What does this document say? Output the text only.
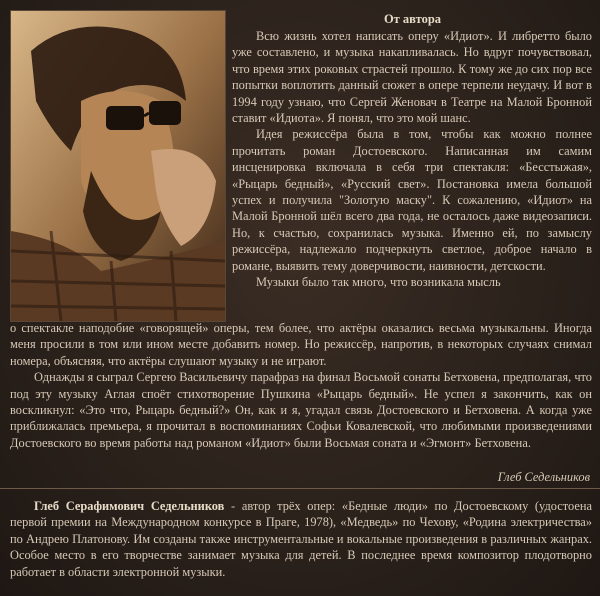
От автора

Всю жизнь хотел написать оперу «Идиот». И либретто было уже составлено, и музыка накапливалась. Но вдруг почувствовал, что время этих роковых страстей прошло. К тому же до сих пор все попытки воплотить данный сюжет в опере терпели неудачу. И вот в 1994 году узнаю, что Сергей Женовач в Театре на Малой Бронной ставит «Идиота». Я понял, что это мой шанс.

Идея режиссёра была в том, чтобы как можно полнее прочитать роман Достоевского. Написанная им самим инсценировка включала в себя три спектакля: «Бесстыжая», «Рыцарь бедный», «Русский свет». Постановка имела большой успех и получила "Золотую маску". К сожалению, «Идиот» на Малой Бронной шёл всего два года, не осталось даже видеозаписи. Но, к счастью, сохранилась музыка. Именно ей, по замыслу режиссёра, надлежало подчеркнуть светлое, доброе начало в романе, выявить тему доверчивости, наивности, детскости.

Музыки было так много, что возникала мысль

о спектакле наподобие «говорящей» оперы, тем более, что актёры оказались весьма музыкальны. Иногда меня просили в том или ином месте добавить номер. Но режиссёр, напротив, в некоторых случаях снимал номера, объясняя, что актёры слушают музыку и не играют.

Однажды я сыграл Сергею Васильевичу парафраз на финал Восьмой сонаты Бетховена, предполагая, что под эту музыку Аглая споёт стихотворение Пушкина «Рыцарь бедный». Не успел я закончить, как он воскликнул: «Это что, Рыцарь бедный?» Он, как и я, угадал связь Достоевского и Бетховена. А когда уже приближалась премьера, я прочитал в воспоминаниях Софьи Ковалевской, что любимыми произведениями Достоевского во время работы над романом «Идиот» были Восьмая соната и «Эгмонт» Бетховена.

Глеб Седельников

Глеб Серафимович Седельников - автор трёх опер: «Бедные люди» по Достоевскому (удостоена первой премии на Международном конкурсе в Праге, 1978), «Медведь» по Чехову, «Родина электричества» по Андрею Платонову. Им созданы также инструментальные и вокальные произведения в различных жанрах. Особое место в его творчестве занимает музыка для детей. В последнее время композитор плодотворно работает в области электронной музыки.
